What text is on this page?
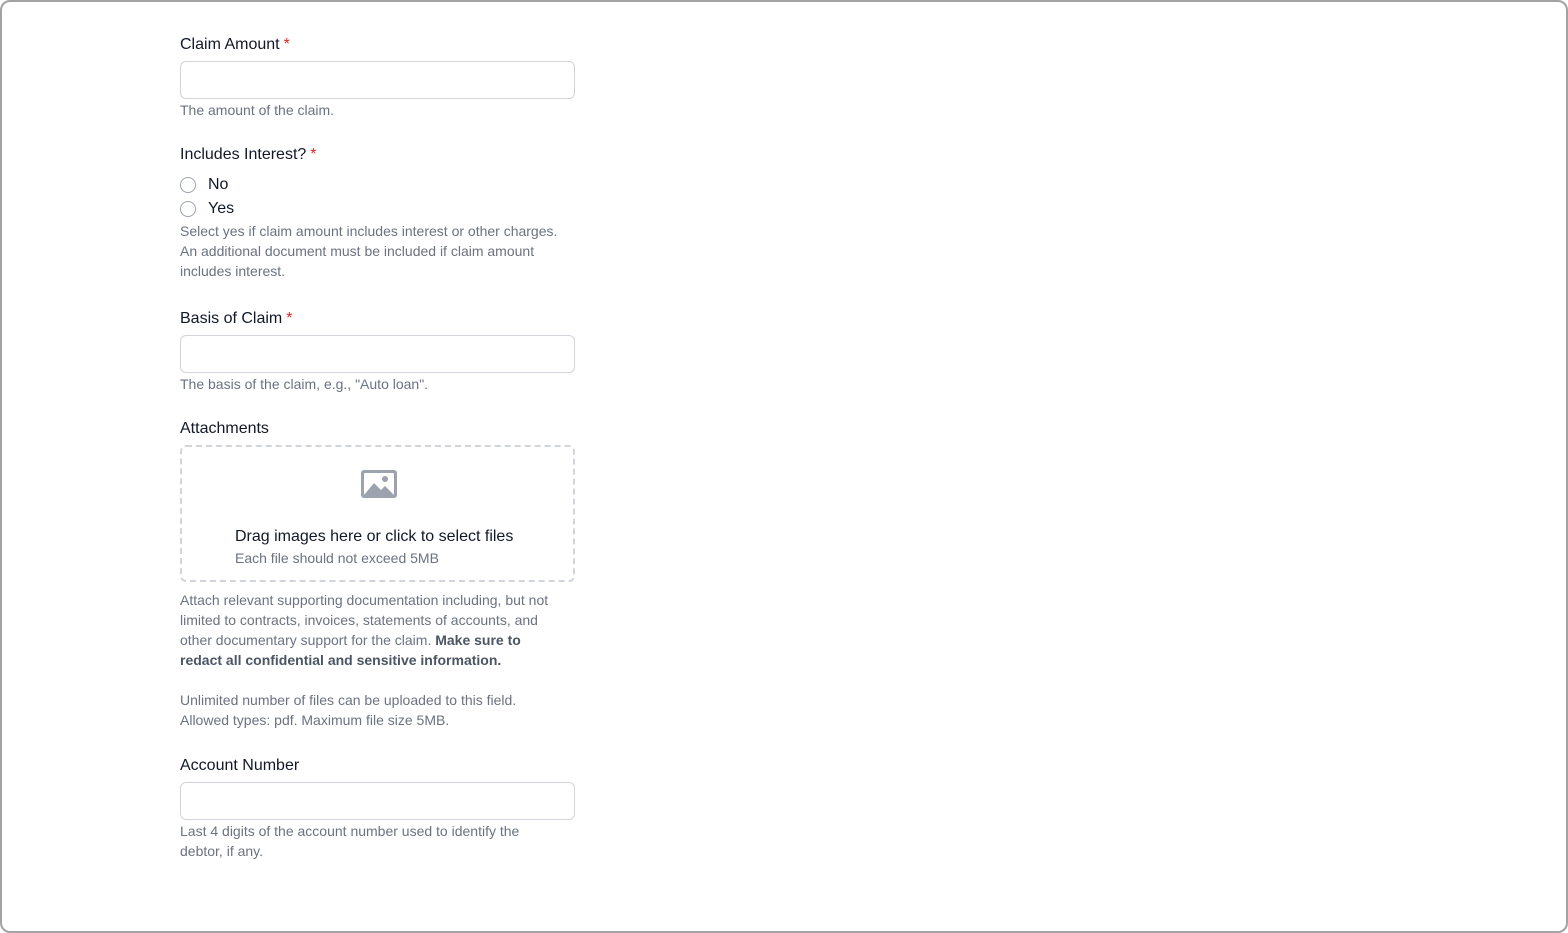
Claim Amount *
The amount of the claim.
Includes Interest? *
No
Yes
Select yes if claim amount includes interest or other charges.
An additional document must be included if claim amount
includes interest.
Basis of Claim *
The basis of the claim, e.g., "Auto loan".
Attachments
Drag images here or click to select files
Each file should not exceed 5MB
Attach relevant supporting documentation including, but not
limited to contracts, invoices, statements of accounts, and
other documentary support for the claim. Make sure to
redact all confidential and sensitive information.
Unlimited number of files can be uploaded to this field.
Allowed types: pdf. Maximum file size 5MB.
Account Number
Last 4 digits of the account number used to identify the
debtor, if any.
